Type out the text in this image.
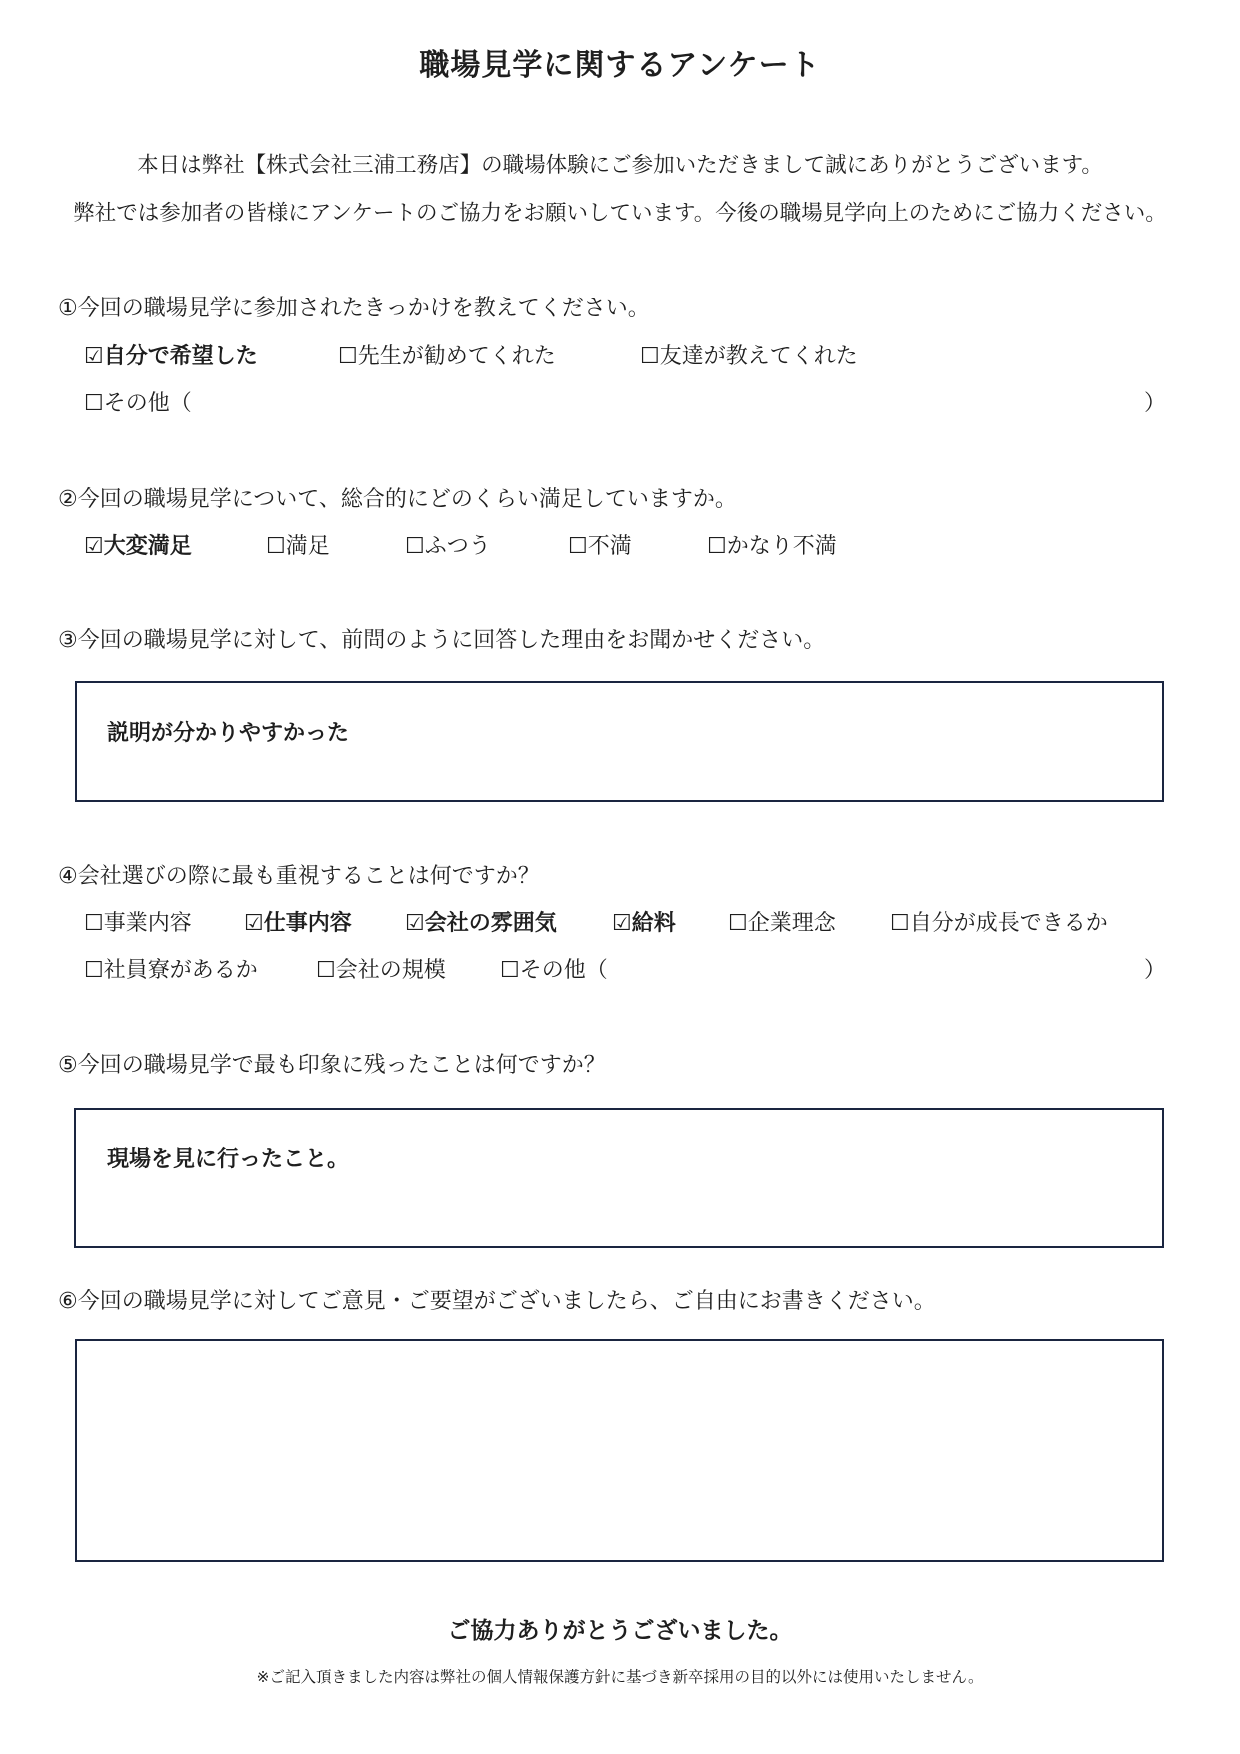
職場見学に関するアンケート
本日は弊社【株式会社三浦工務店】の職場体験にご参加いただきまして誠にありがとうございます。
弊社では参加者の皆様にアンケートのご協力をお願いしています。今後の職場見学向上のためにご協力ください。
①今回の職場見学に参加されたきっかけを教えてください。
☑自分で希望した	☐先生が勧めてくれた	☐友達が教えてくれた
☐その他（	）
②今回の職場見学について、総合的にどのくらい満足していますか。
☑大変満足	☐満足	☐ふつう	☐不満	☐かなり不満
③今回の職場見学に対して、前問のように回答した理由をお聞かせください。
説明が分かりやすかった
④会社選びの際に最も重視することは何ですか？
☐事業内容 ☑仕事内容 ☑会社の雰囲気	☑給料 ☐企業理念 ☐自分が成長できるか
☐社員寮があるか	☐会社の規模 ☐その他（	）
⑤今回の職場見学で最も印象に残ったことは何ですか？
現場を見に行ったこと。
⑥今回の職場見学に対してご意見・ご要望がございましたら、ご自由にお書きください。
ご協力ありがとうございました。
※ご記入頂きました内容は弊社の個人情報保護方針に基づき新卒採用の目的以外には使用いたしません。
